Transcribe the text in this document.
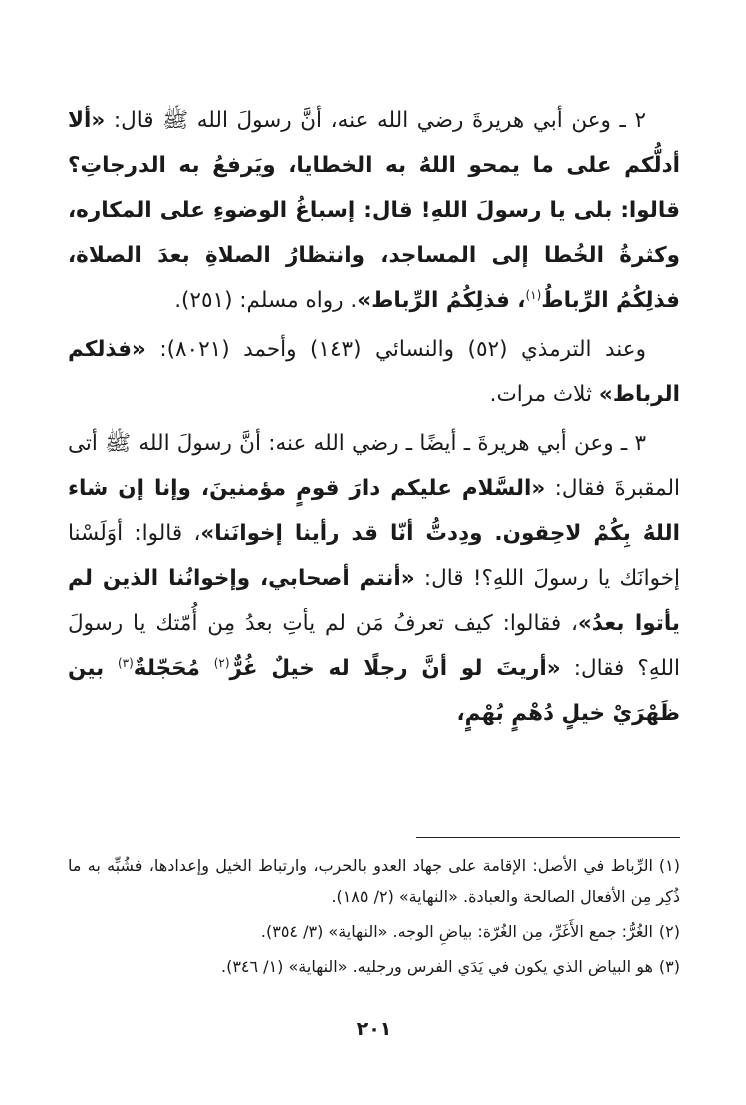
٢ ـ وعن أبي هريرةَ رضي الله عنه، أنَّ رسولَ الله ﷺ قال: «ألا أدلُّكم على ما يمحو اللهُ به الخطايا، ويَرفعُ به الدرجاتِ؟ قالوا: بلى يا رسولَ اللهِ! قال: إسباغُ الوضوءِ على المكاره، وكثرةُ الخُطا إلى المساجد، وانتظارُ الصلاةِ بعدَ الصلاة، فذلِكُمُ الرِّباطُ$^{(١)}$، فذلِكُمُ الرِّباط». رواه مسلم: (٢٥١).

وعند الترمذي (٥٢) والنسائي (١٤٣) وأحمد (٨٠٢١): «فذلكم الرباط» ثلاث مرات.

٣ ـ وعن أبي هريرةَ ـ أيضًا ـ رضي الله عنه: أنَّ رسولَ الله ﷺ أتى المقبرةَ فقال: «السَّلام عليكم دارَ قومٍ مؤمنينَ، وإنا إن شاء اللهُ بِكُمْ لاحِقون. ودِدتُّ أنّا قد رأينا إخوانَنا»، قالوا: أوَلَسْنا إخوانَك يا رسولَ اللهِ؟! قال: «أنتم أصحابي، وإخوانُنا الذين لم يأتوا بعدُ»، فقالوا: كيف تعرفُ مَن لم يأتِ بعدُ مِن أُمّتك يا رسولَ اللهِ؟ فقال: «أريتَ لو أنَّ رجلًا له خيلٌ غُرٌّ$^{(٢)}$ مُحَجّلةٌ$^{(٣)}$ بين ظَهْرَيْ خيلٍ دُهْمٍ بُهْمٍ،

(١)الرِّباط في الأصل: الإقامة على جهاد العدو بالحرب، وارتباط الخيل وإعدادها، فشُبِّه به ما ذُكِر مِن الأفعال الصالحة والعبادة. «النهاية» (٢/ ١٨٥).

(٢)الغُرُّ: جمع الأَغَرِّ، مِن الغُرّة: بياضِ الوجه. «النهاية» (٣/ ٣٥٤).

(٣)هو البياض الذي يكون في يَدَي الفرس ورجليه. «النهاية» (١/ ٣٤٦).

٢٠١
